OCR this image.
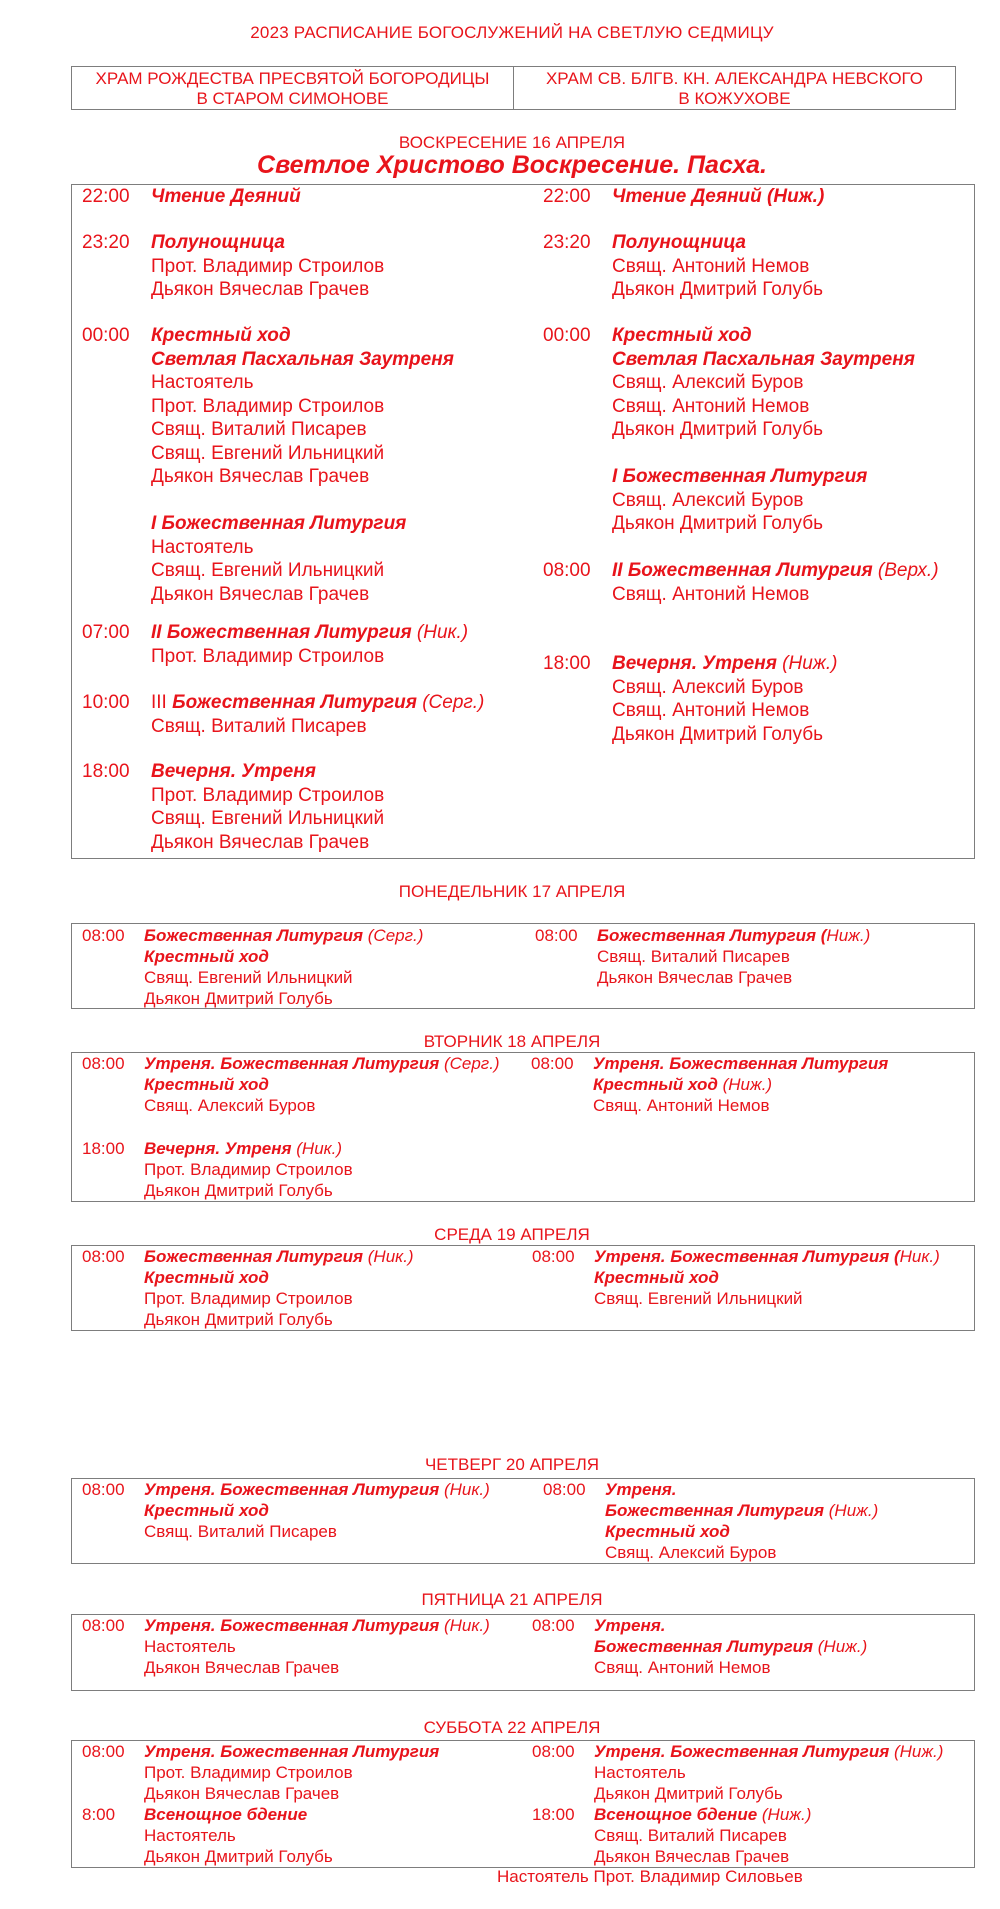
2023 РАСПИСАНИЕ БОГОСЛУЖЕНИЙ НА СВЕТЛУЮ СЕДМИЦУ
ХРАМ РОЖДЕСТВА ПРЕСВЯТОЙ БОГОРОДИЦЫ
В СТАРОМ СИМОНОВЕ
ХРАМ СВ. БЛГВ. КН. АЛЕКСАНДРА НЕВСКОГО
В КОЖУХОВЕ
ВОСКРЕСЕНИЕ 16 АПРЕЛЯ
Светлое Христово Воскресение. Пасха.
22:00 Чтение Деяний
23:20 Полунощница
Прот. Владимир Строилов
Дьякон Вячеслав Грачев
00:00 Крестный ход
Светлая Пасхальная Заутреня
Настоятель
Прот. Владимир Строилов
Свящ. Виталий Писарев
Свящ. Евгений Ильницкий
Дьякон Вячеслав Грачев
I Божественная Литургия
Настоятель
Свящ. Евгений Ильницкий
Дьякон Вячеслав Грачев
07:00 II Божественная Литургия (Ник.)
Прот. Владимир Строилов
10:00 III Божественная Литургия (Серг.)
Свящ. Виталий Писарев
18:00 Вечерня. Утреня
Прот. Владимир Строилов
Свящ. Евгений Ильницкий
Дьякон Вячеслав Грачев
22:00 Чтение Деяний (Ниж.)
23:20 Полунощница
Свящ. Антоний Немов
Дьякон Дмитрий Голубь
00:00 Крестный ход
Светлая Пасхальная Заутреня
Свящ. Алексий Буров
Свящ. Антоний Немов
Дьякон Дмитрий Голубь
I Божественная Литургия
Свящ. Алексий Буров
Дьякон Дмитрий Голубь
08:00 II Божественная Литургия (Верх.)
Свящ. Антоний Немов
18:00 Вечерня. Утреня (Ниж.)
Свящ. Алексий Буров
Свящ. Антоний Немов
Дьякон Дмитрий Голубь
ПОНЕДЕЛЬНИК 17 АПРЕЛЯ
08:00 Божественная Литургия (Серг.)
Крестный ход
Свящ. Евгений Ильницкий
Дьякон Дмитрий Голубь
08:00 Божественная Литургия (Ниж.)
Свящ. Виталий Писарев
Дьякон Вячеслав Грачев
ВТОРНИК 18 АПРЕЛЯ
08:00 Утреня. Божественная Литургия (Серг.)
Крестный ход
Свящ. Алексий Буров
18:00 Вечерня. Утреня (Ник.)
Прот. Владимир Строилов
Дьякон Дмитрий Голубь
08:00 Утреня. Божественная Литургия
Крестный ход (Ниж.)
Свящ. Антоний Немов
СРЕДА 19 АПРЕЛЯ
08:00 Божественная Литургия (Ник.)
Крестный ход
Прот. Владимир Строилов
Дьякон Дмитрий Голубь
08:00 Утреня. Божественная Литургия (Ник.)
Крестный ход
Свящ. Евгений Ильницкий
ЧЕТВЕРГ 20 АПРЕЛЯ
08:00 Утреня. Божественная Литургия (Ник.)
Крестный ход
Свящ. Виталий Писарев
08:00 Утреня.
Божественная Литургия (Ниж.)
Крестный ход
Свящ. Алексий Буров
ПЯТНИЦА 21 АПРЕЛЯ
08:00 Утреня. Божественная Литургия (Ник.)
Настоятель
Дьякон Вячеслав Грачев
08:00 Утреня.
Божественная Литургия (Ниж.)
Свящ. Антоний Немов
СУББОТА 22 АПРЕЛЯ
08:00 Утреня. Божественная Литургия
Прот. Владимир Строилов
Дьякон Вячеслав Грачев
8:00 Всенощное бдение
Настоятель
Дьякон Дмитрий Голубь
08:00 Утреня. Божественная Литургия (Ниж.)
Настоятель
Дьякон Дмитрий Голубь
18:00 Всенощное бдение (Ниж.)
Свящ. Виталий Писарев
Дьякон Вячеслав Грачев
Настоятель Прот. Владимир Силовьев
